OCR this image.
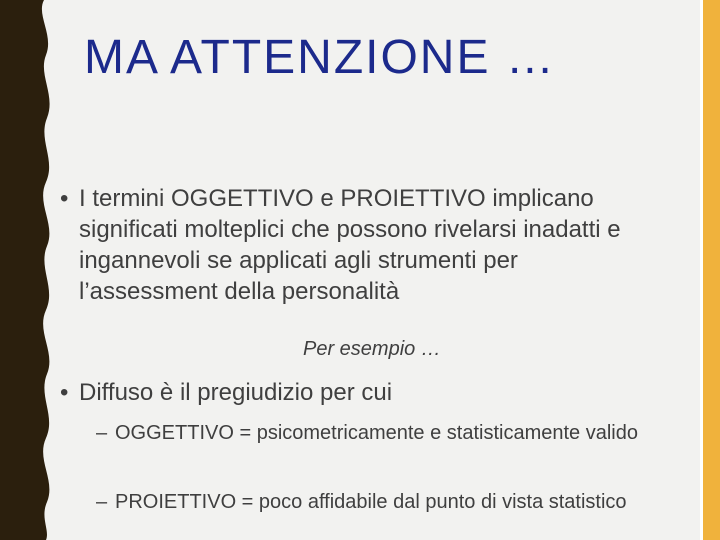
MA ATTENZIONE …
• I termini OGGETTIVO e PROIETTIVO implicano significati molteplici che possono rivelarsi inadatti e ingannevoli se applicati agli strumenti per l’assessment della personalità
Per esempio …
• Diffuso è il pregiudizio per cui
– OGGETTIVO = psicometricamente e statisticamente valido
– PROIETTIVO = poco affidabile dal punto di vista statistico
